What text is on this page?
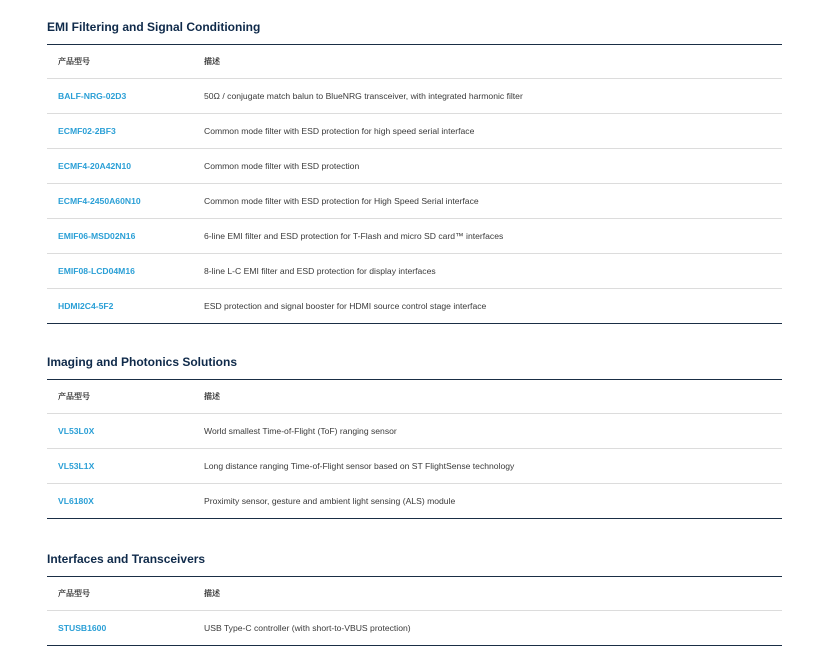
EMI Filtering and Signal Conditioning
产品型号	描述
BALF-NRG-02D3	50Ω / conjugate match balun to BlueNRG transceiver, with integrated harmonic filter
ECMF02-2BF3	Common mode filter with ESD protection for high speed serial interface
ECMF4-20A42N10	Common mode filter with ESD protection
ECMF4-2450A60N10	Common mode filter with ESD protection for High Speed Serial interface
EMIF06-MSD02N16	6-line EMI filter and ESD protection for T-Flash and micro SD card™ interfaces
EMIF08-LCD04M16	8-line L-C EMI filter and ESD protection for display interfaces
HDMI2C4-5F2	ESD protection and signal booster for HDMI source control stage interface
Imaging and Photonics Solutions
产品型号	描述
VL53L0X	World smallest Time-of-Flight (ToF) ranging sensor
VL53L1X	Long distance ranging Time-of-Flight sensor based on ST FlightSense technology
VL6180X	Proximity sensor, gesture and ambient light sensing (ALS) module
Interfaces and Transceivers
产品型号	描述
STUSB1600	USB Type-C controller (with short-to-VBUS protection)
